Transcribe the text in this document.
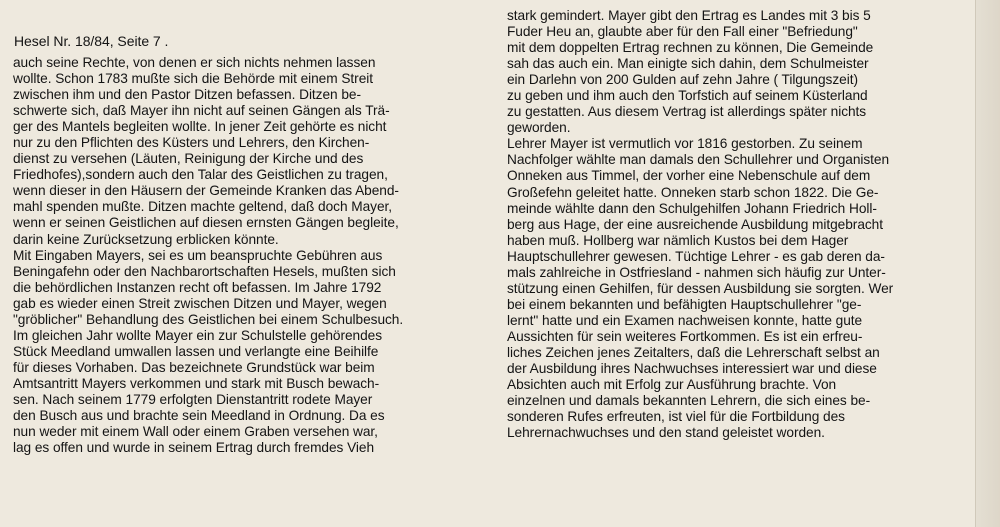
Hesel Nr. 18/84, Seite 7 .
auch seine Rechte, von denen er sich nichts nehmen lassen
wollte. Schon 1783 mußte sich die Behörde mit einem Streit
zwischen ihm und den Pastor Ditzen befassen. Ditzen be-
schwerte sich, daß Mayer ihn nicht auf seinen Gängen als Trä-
ger des Mantels begleiten wollte. In jener Zeit gehörte es nicht
nur zu den Pflichten des Küsters und Lehrers, den Kirchen-
dienst zu versehen (Läuten, Reinigung der Kirche und des
Friedhofes),sondern auch den Talar des Geistlichen zu tragen,
wenn dieser in den Häusern der Gemeinde Kranken das Abend-
mahl spenden mußte. Ditzen machte geltend, daß doch Mayer,
wenn er seinen Geistlichen auf diesen ernsten Gängen begleite,
darin keine Zurücksetzung erblicken könnte.
Mit Eingaben Mayers, sei es um beanspruchte Gebühren aus
Beningafehn oder den Nachbarortschaften Hesels, mußten sich
die behördlichen Instanzen recht oft befassen. Im Jahre 1792
gab es wieder einen Streit zwischen Ditzen und Mayer, wegen
"gröblicher" Behandlung des Geistlichen bei einem Schulbesuch.
Im gleichen Jahr wollte Mayer ein zur Schulstelle gehörendes
Stück Meedland umwallen lassen und verlangte eine Beihilfe
für dieses Vorhaben. Das bezeichnete Grundstück war beim
Amtsantritt Mayers verkommen und stark mit Busch bewach-
sen. Nach seinem 1779 erfolgten Dienstantritt rodete Mayer
den Busch aus und brachte sein Meedland in Ordnung. Da es
nun weder mit einem Wall oder einem Graben versehen war,
lag es offen und wurde in seinem Ertrag durch fremdes Vieh
stark gemindert. Mayer gibt den Ertrag es Landes mit 3 bis 5
Fuder Heu an, glaubte aber für den Fall einer "Befriedung"
mit dem doppelten Ertrag rechnen zu können, Die Gemeinde
sah das auch ein. Man einigte sich dahin, dem Schulmeister
ein Darlehn von 200 Gulden auf zehn Jahre ( Tilgungszeit)
zu geben und ihm auch den Torfstich auf seinem Küsterland
zu gestatten. Aus diesem Vertrag ist allerdings später nichts
geworden.
Lehrer Mayer ist vermutlich vor 1816 gestorben. Zu seinem
Nachfolger wählte man damals den Schullehrer und Organisten
Onneken aus Timmel, der vorher eine Nebenschule auf dem
Großefehn geleitet hatte. Onneken starb schon 1822. Die Ge-
meinde wählte dann den Schulgehilfen Johann Friedrich Holl-
berg aus Hage, der eine ausreichende Ausbildung mitgebracht
haben muß. Hollberg war nämlich Kustos bei dem Hager
Hauptschullehrer gewesen. Tüchtige Lehrer - es gab deren da-
mals zahlreiche in Ostfriesland - nahmen sich häufig zur Unter-
stützung einen Gehilfen, für dessen Ausbildung sie sorgten. Wer
bei einem bekannten und befähigten Hauptschullehrer "ge-
lernt" hatte und ein Examen nachweisen konnte, hatte gute
Aussichten für sein weiteres Fortkommen. Es ist ein erfreu-
liches Zeichen jenes Zeitalters, daß die Lehrerschaft selbst an
der Ausbildung ihres Nachwuchses interessiert war und diese
Absichten auch mit Erfolg zur Ausführung brachte. Von
einzelnen und damals bekannten Lehrern, die sich eines be-
sonderen Rufes erfreuten, ist viel für die Fortbildung des
Lehrernachwuchses und den stand geleistet worden.
